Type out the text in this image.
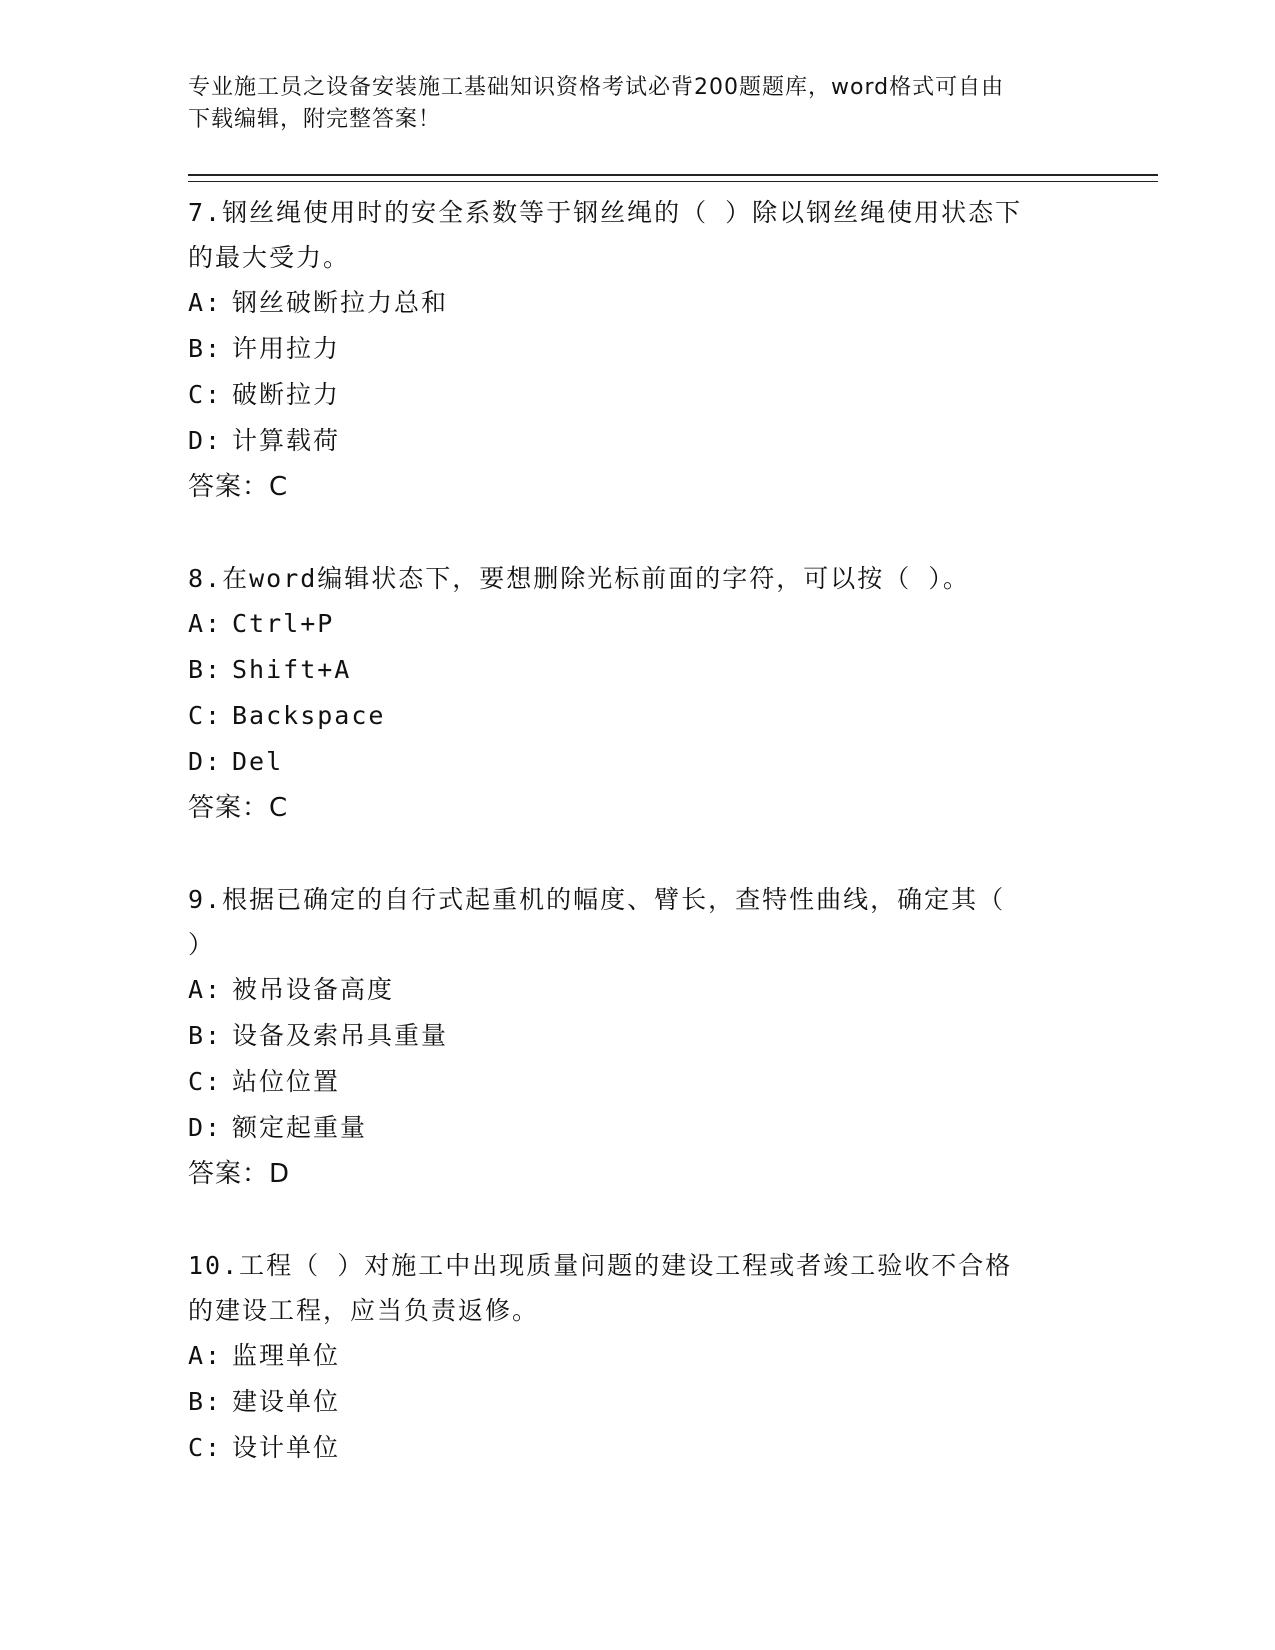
专业施工员之设备安装施工基础知识资格考试必背200题题库，word格式可自由
下载编辑，附完整答案！
7.钢丝绳使用时的安全系数等于钢丝绳的（ ）除以钢丝绳使用状态下
的最大受力。
A: 钢丝破断拉力总和
B: 许用拉力
C: 破断拉力
D: 计算载荷
答案：C
8.在word编辑状态下，要想删除光标前面的字符，可以按（ ）。
A: Ctrl+P
B: Shift+A
C: Backspace
D: Del
答案：C
9.根据已确定的自行式起重机的幅度、臂长，查特性曲线，确定其（
）
A: 被吊设备高度
B: 设备及索吊具重量
C: 站位位置
D: 额定起重量
答案：D
10.工程（ ）对施工中出现质量问题的建设工程或者竣工验收不合格
的建设工程，应当负责返修。
A: 监理单位
B: 建设单位
C: 设计单位
